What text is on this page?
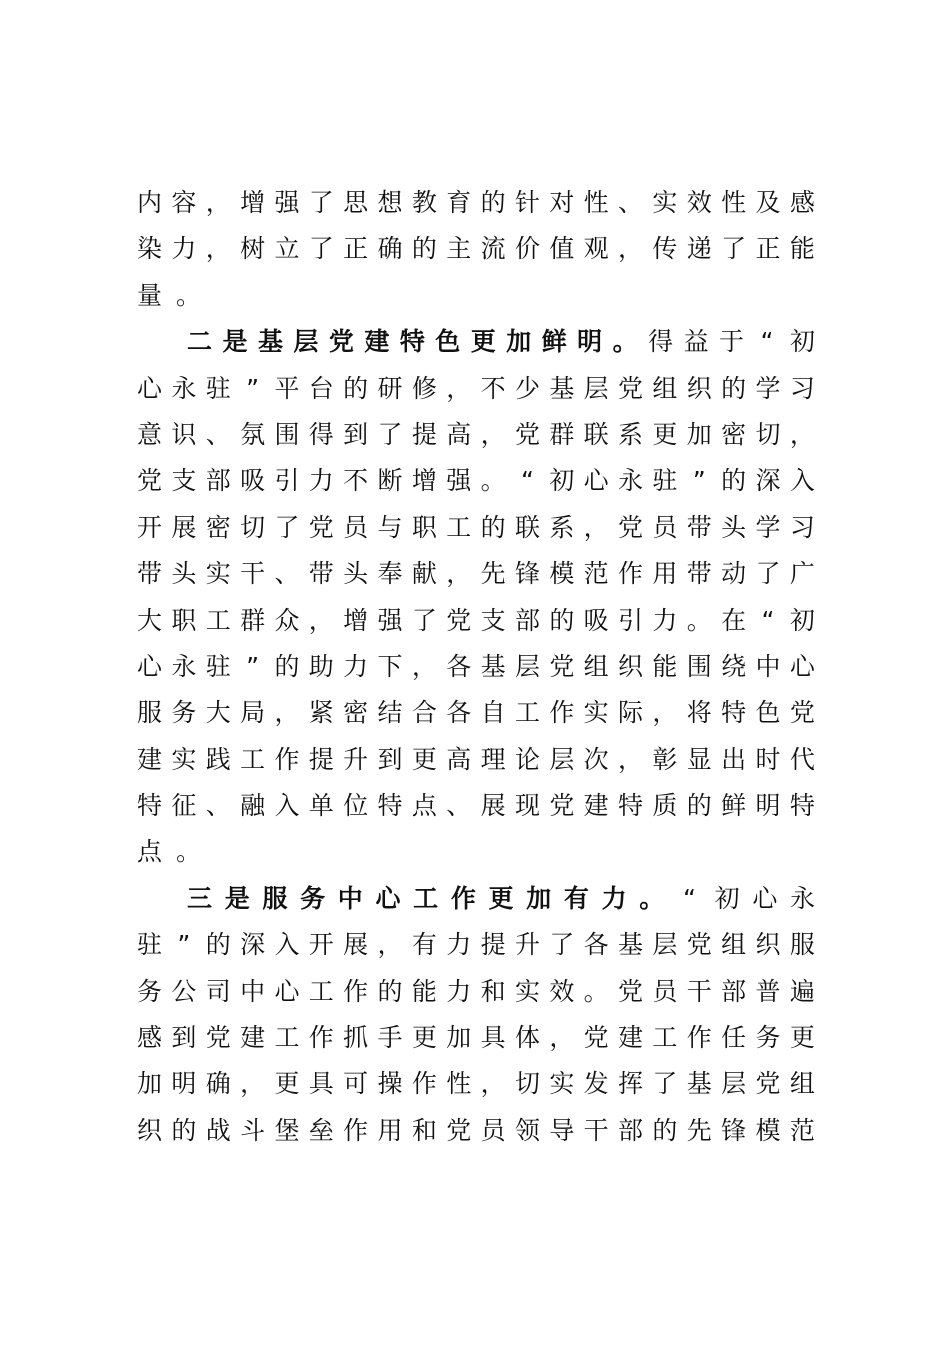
内 容 ， 增 强 了 思 想 教 育 的 针 对 性 、 实 效 性 及 感
染 力 ， 树 立 了 正 确 的 主 流 价 值 观 ， 传 递 了 正 能
量 。
二 是 基 层 党 建 特 色 更 加 鲜 明 。 得 益 于 “ 初
心 永 驻 ” 平 台 的 研 修 ， 不 少 基 层 党 组 织 的 学 习
意 识 、 氛 围 得 到 了 提 高 ， 党 群 联 系 更 加 密 切 ，
党 支 部 吸 引 力 不 断 增 强 。 “ 初 心 永 驻 ” 的 深 入
开 展 密 切 了 党 员 与 职 工 的 联 系 ， 党 员 带 头 学 习
带 头 实 干 、 带 头 奉 献 ， 先 锋 模 范 作 用 带 动 了 广
大 职 工 群 众 ， 增 强 了 党 支 部 的 吸 引 力 。 在 “ 初
心 永 驻 ” 的 助 力 下 ， 各 基 层 党 组 织 能 围 绕 中 心
服 务 大 局 ， 紧 密 结 合 各 自 工 作 实 际 ， 将 特 色 党
建 实 践 工 作 提 升 到 更 高 理 论 层 次 ， 彰 显 出 时 代
特 征 、 融 入 单 位 特 点 、 展 现 党 建 特 质 的 鲜 明 特
点 。
三 是 服 务 中 心 工 作 更 加 有 力 。 “ 初 心 永
驻 ” 的 深 入 开 展 ， 有 力 提 升 了 各 基 层 党 组 织 服
务 公 司 中 心 工 作 的 能 力 和 实 效 。 党 员 干 部 普 遍
感 到 党 建 工 作 抓 手 更 加 具 体 ， 党 建 工 作 任 务 更
加 明 确 ， 更 具 可 操 作 性 ， 切 实 发 挥 了 基 层 党 组
织 的 战 斗 堡 垒 作 用 和 党 员 领 导 干 部 的 先 锋 模 范
